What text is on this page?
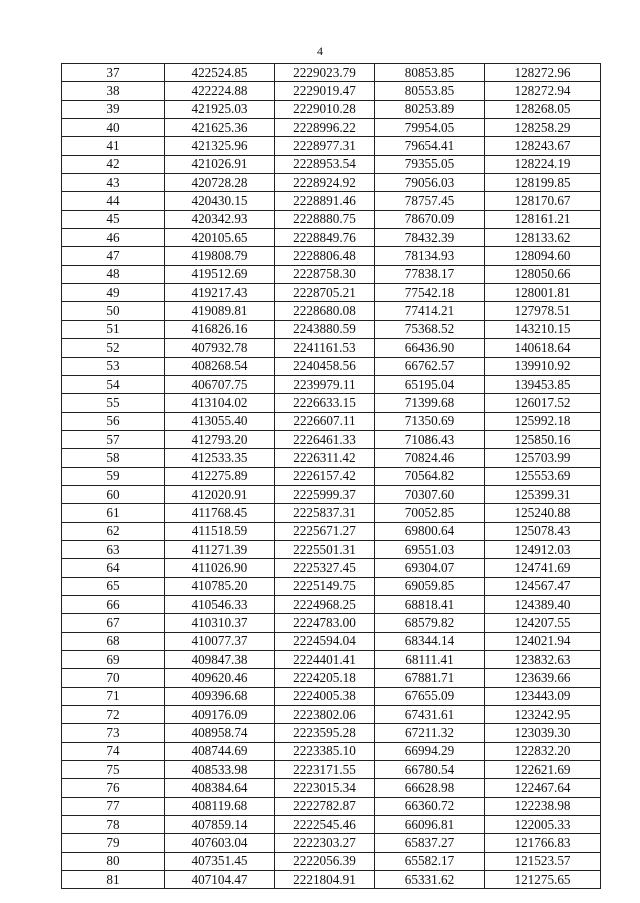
4
37	422524.85	2229023.79	80853.85	128272.96
38	422224.88	2229019.47	80553.85	128272.94
39	421925.03	2229010.28	80253.89	128268.05
40	421625.36	2228996.22	79954.05	128258.29
41	421325.96	2228977.31	79654.41	128243.67
42	421026.91	2228953.54	79355.05	128224.19
43	420728.28	2228924.92	79056.03	128199.85
44	420430.15	2228891.46	78757.45	128170.67
45	420342.93	2228880.75	78670.09	128161.21
46	420105.65	2228849.76	78432.39	128133.62
47	419808.79	2228806.48	78134.93	128094.60
48	419512.69	2228758.30	77838.17	128050.66
49	419217.43	2228705.21	77542.18	128001.81
50	419089.81	2228680.08	77414.21	127978.51
51	416826.16	2243880.59	75368.52	143210.15
52	407932.78	2241161.53	66436.90	140618.64
53	408268.54	2240458.56	66762.57	139910.92
54	406707.75	2239979.11	65195.04	139453.85
55	413104.02	2226633.15	71399.68	126017.52
56	413055.40	2226607.11	71350.69	125992.18
57	412793.20	2226461.33	71086.43	125850.16
58	412533.35	2226311.42	70824.46	125703.99
59	412275.89	2226157.42	70564.82	125553.69
60	412020.91	2225999.37	70307.60	125399.31
61	411768.45	2225837.31	70052.85	125240.88
62	411518.59	2225671.27	69800.64	125078.43
63	411271.39	2225501.31	69551.03	124912.03
64	411026.90	2225327.45	69304.07	124741.69
65	410785.20	2225149.75	69059.85	124567.47
66	410546.33	2224968.25	68818.41	124389.40
67	410310.37	2224783.00	68579.82	124207.55
68	410077.37	2224594.04	68344.14	124021.94
69	409847.38	2224401.41	68111.41	123832.63
70	409620.46	2224205.18	67881.71	123639.66
71	409396.68	2224005.38	67655.09	123443.09
72	409176.09	2223802.06	67431.61	123242.95
73	408958.74	2223595.28	67211.32	123039.30
74	408744.69	2223385.10	66994.29	122832.20
75	408533.98	2223171.55	66780.54	122621.69
76	408384.64	2223015.34	66628.98	122467.64
77	408119.68	2222782.87	66360.72	122238.98
78	407859.14	2222545.46	66096.81	122005.33
79	407603.04	2222303.27	65837.27	121766.83
80	407351.45	2222056.39	65582.17	121523.57
81	407104.47	2221804.91	65331.62	121275.65
